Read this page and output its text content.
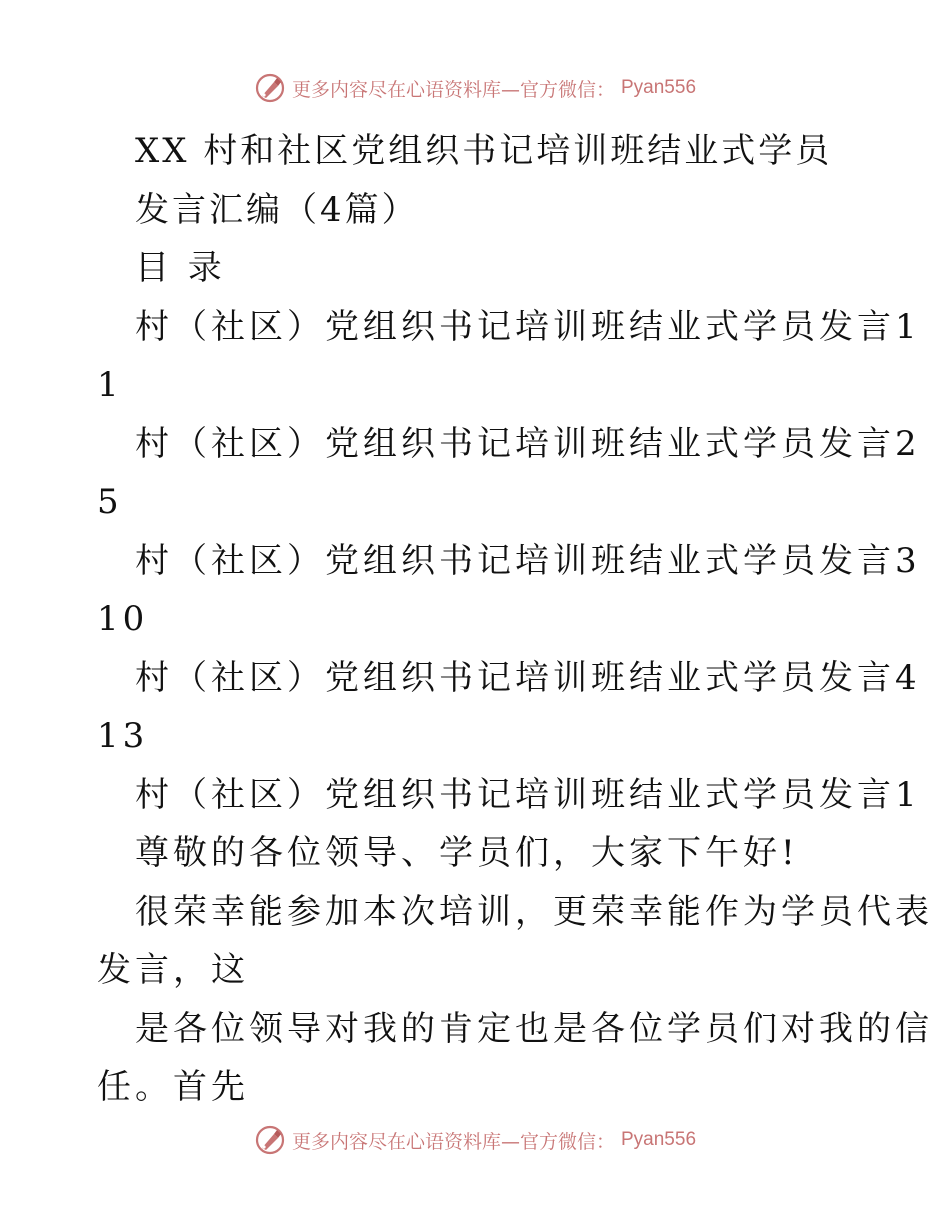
更多内容尽在心语资料库—官方微信： Pyan556
XX 村和社区党组织书记培训班结业式学员
发言汇编（4篇）
目 录
村（社区）党组织书记培训班结业式学员发言 1
1
村（社区）党组织书记培训班结业式学员发言 2
5
村（社区）党组织书记培训班结业式学员发言 3
10
村（社区）党组织书记培训班结业式学员发言 4
13
村（社区）党组织书记培训班结业式学员发言 1
尊敬的各位领导、学员们，大家下午好!
很荣幸能参加本次培训，更荣幸能作为学员代表
发言，这
是各位领导对我的肯定也是各位学员们对我的信
任。首先
更多内容尽在心语资料库—官方微信： Pyan556
